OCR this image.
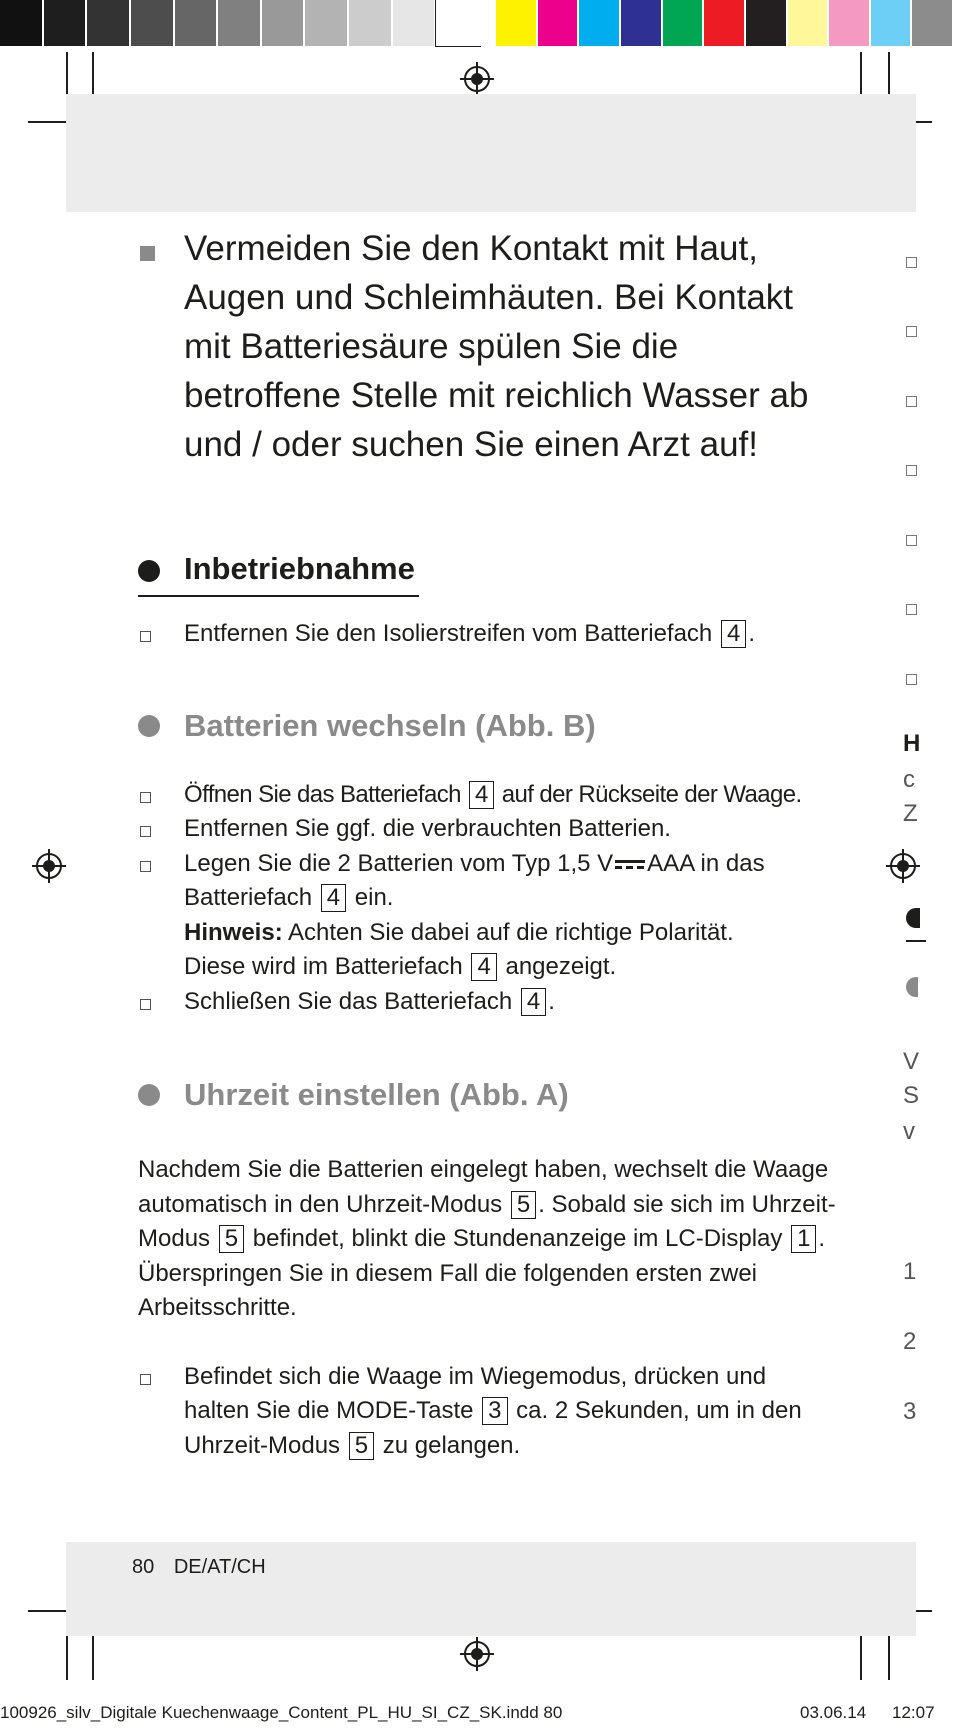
Vermeiden Sie den Kontakt mit Haut, Augen und Schleimhäuten. Bei Kontakt mit Batteriesäure spülen Sie die betroffene Stelle mit reichlich Wasser ab und / oder suchen Sie einen Arzt auf!
Inbetriebnahme
Entfernen Sie den Isolierstreifen vom Batteriefach 4 .
Batterien wechseln (Abb. B)
Öffnen Sie das Batteriefach 4 auf der Rückseite der Waage.
Entfernen Sie ggf. die verbrauchten Batterien.
Legen Sie die 2 Batterien vom Typ 1,5 V AAA in das
Batteriefach 4 ein.
Hinweis: Achten Sie dabei auf die richtige Polarität.
Diese wird im Batteriefach 4 angezeigt.
Schließen Sie das Batteriefach 4 .
Uhrzeit einstellen (Abb. A)
Nachdem Sie die Batterien eingelegt haben, wechselt die Waage automatisch in den Uhrzeit-Modus 5 . Sobald sie sich im Uhrzeit-Modus 5 befindet, blinkt die Stundenanzeige im LC-Display 1 . Überspringen Sie in diesem Fall die folgenden ersten zwei Arbeitsschritte.
Befindet sich die Waage im Wiegemodus, drücken und halten Sie die MODE-Taste 3 ca. 2 Sekunden, um in den Uhrzeit-Modus 5 zu gelangen.
H
c
Z
V
S
v
1
2
3
80 DE/AT/CH
100926_silv_Digitale Kuechenwaage_Content_PL_HU_SI_CZ_SK.indd 80	03.06.14 12:07
